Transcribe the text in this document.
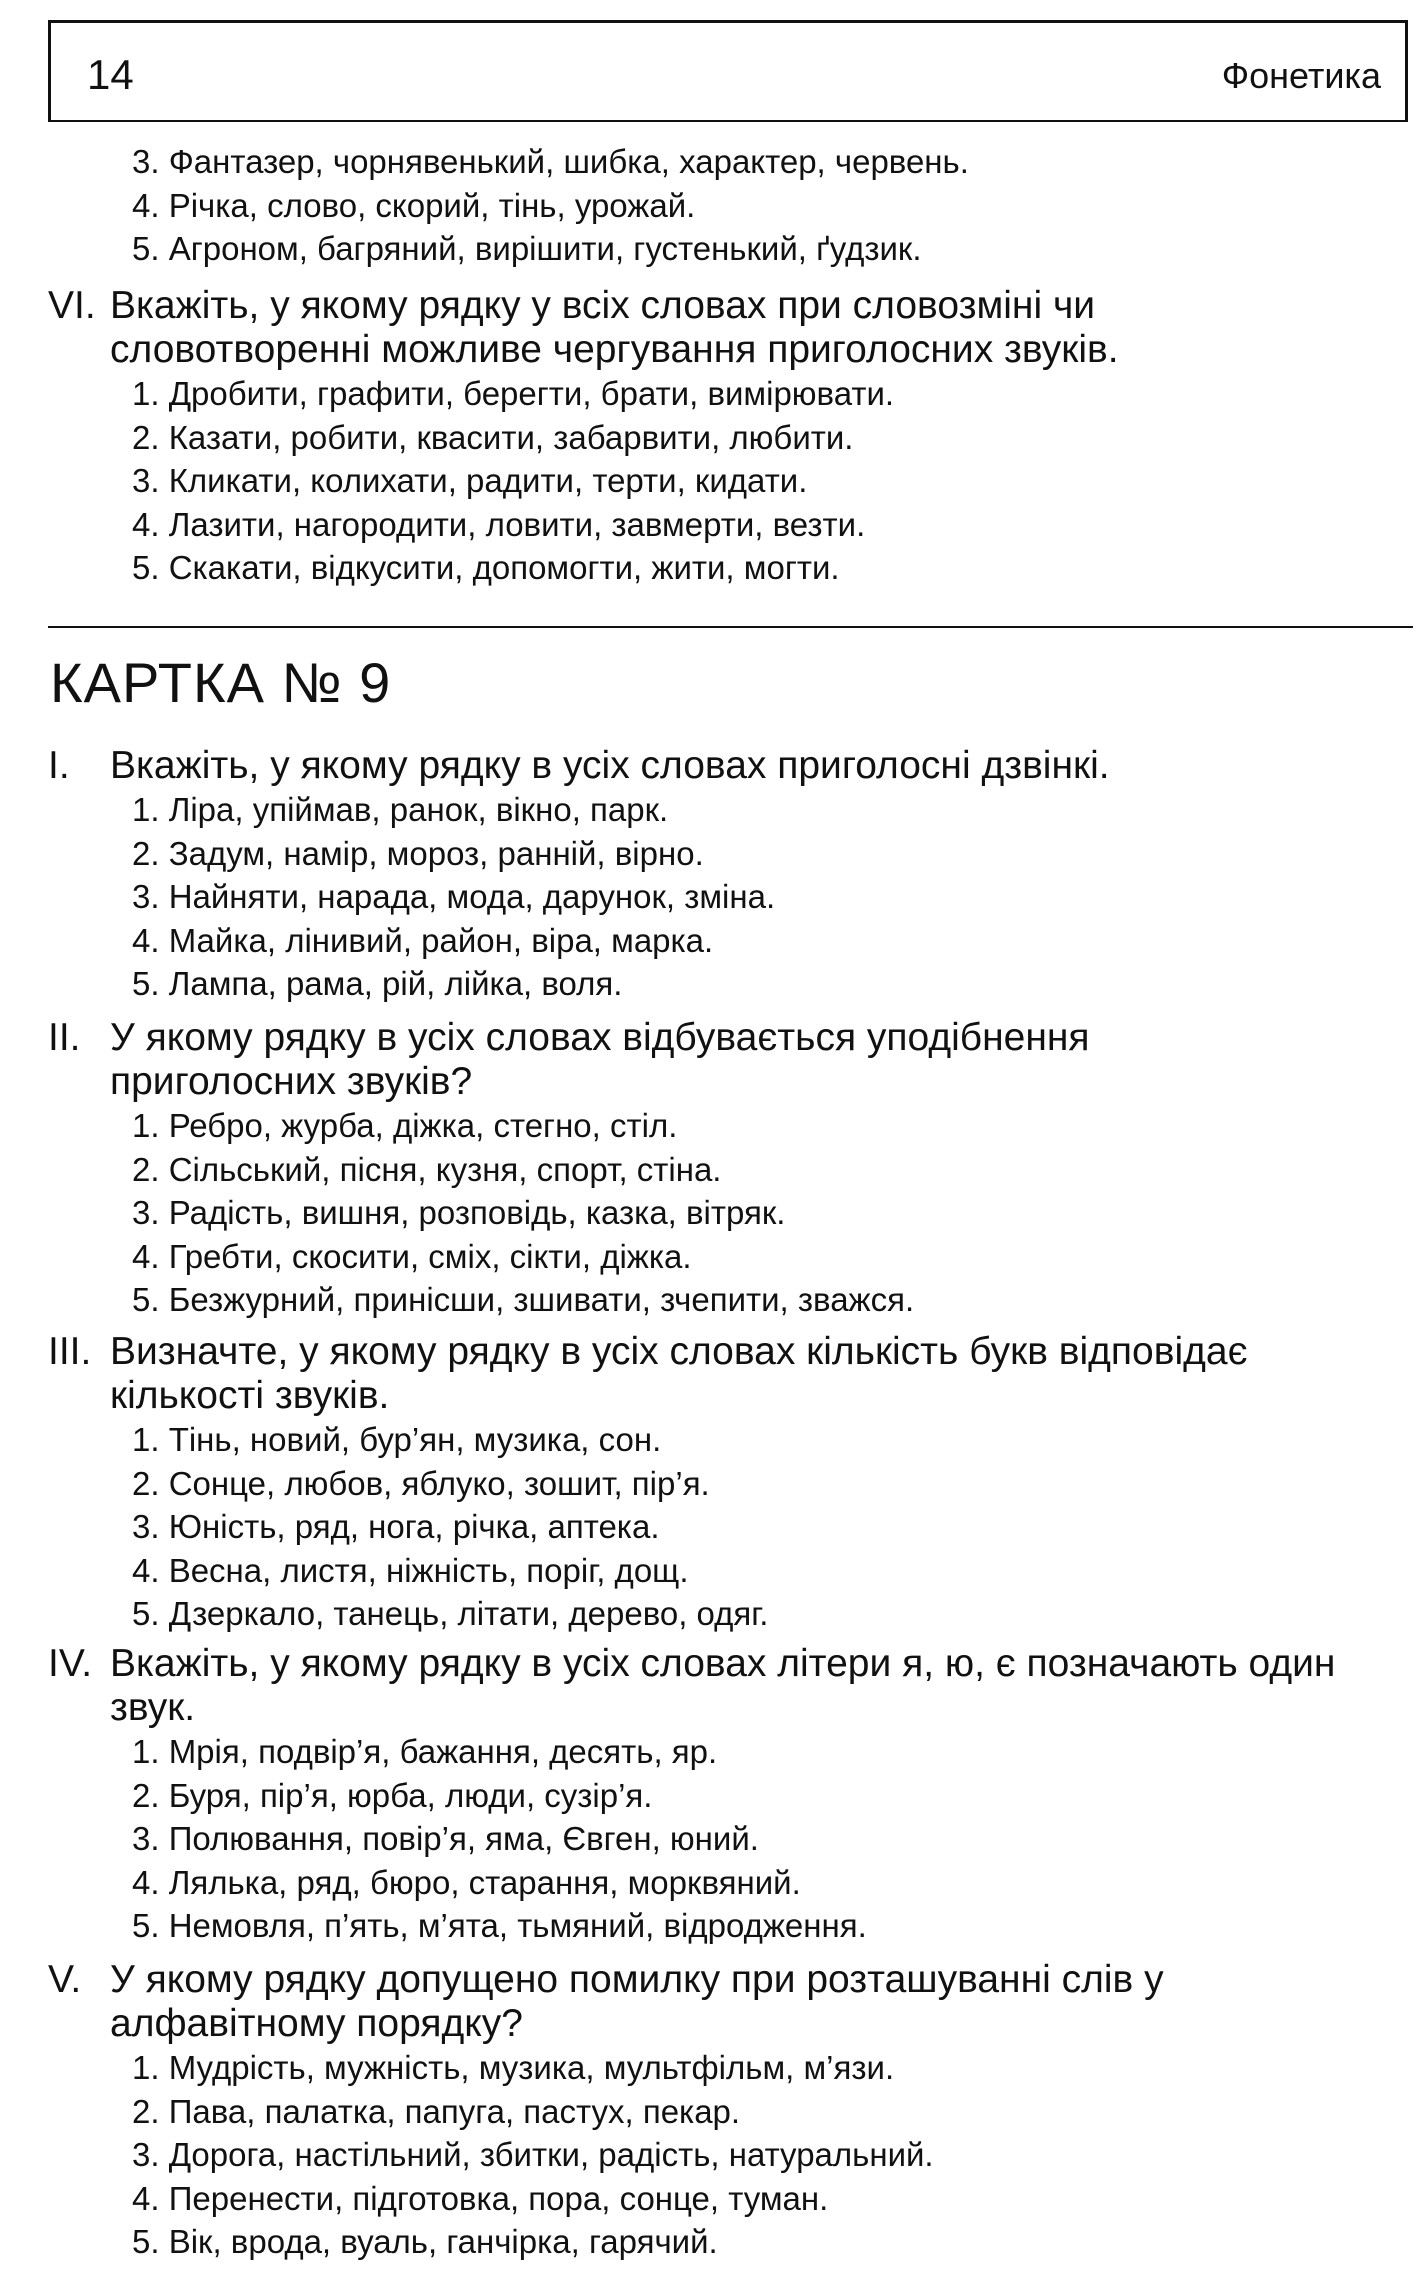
14	Фонетика
3. Фантазер, чорнявенький, шибка, характер, червень.
4. Річка, слово, скорий, тінь, урожай.
5. Агроном, багряний, вирішити, густенький, ґудзик.

VI. Вкажіть, у якому рядку у всіх словах при словозміні чи словотворенні можливе чергування приголосних звуків.

1. Дробити, графити, берегти, брати, вимірювати.
2. Казати, робити, квасити, забарвити, любити.
3. Кликати, колихати, радити, терти, кидати.
4. Лазити, нагородити, ловити, завмерти, везти.
5. Скакати, відкусити, допомогти, жити, могти.
КАРТКА № 9

I.	Вкажіть, у якому рядку в усіх словах приголосні дзвінкі.

1. Ліра, упіймав, ранок, вікно, парк.
2. Задум, намір, мороз, ранній, вірно.
3. Найняти, нарада, мода, дарунок, зміна.
4. Майка, лінивий, район, віра, марка.
5. Лампа, рама, рій, лійка, воля.

II. У якому рядку в усіх словах відбувається уподібнення приголосних звуків?

1. Ребро, журба, діжка, стегно, стіл.
2. Сільський, пісня, кузня, спорт, стіна.
3. Радість, вишня, розповідь, казка, вітряк.
4. Гребти, скосити, сміх, сікти, діжка.
5. Безжурний, принісши, зшивати, зчепити, зважся.

III. Визначте, у якому рядку в усіх словах кількість букв відповідає кількості звуків.

1. Тінь, новий, бур’ян, музика, сон.
2. Сонце, любов, яблуко, зошит, пір’я.
3. Юність, ряд, нога, річка, аптека.
4. Весна, листя, ніжність, поріг, дощ.
5. Дзеркало, танець, літати, дерево, одяг.

IV. Вкажіть, у якому рядку в усіх словах літери я, ю, є позначають один звук.

1. Мрія, подвір’я, бажання, десять, яр.
2. Буря, пір’я, юрба, люди, сузір’я.
3. Полювання, повір’я, яма, Євген, юний.
4. Лялька, ряд, бюро, старання, морквяний.
5. Немовля, п’ять, м’ята, тьмяний, відродження.

V. У якому рядку допущено помилку при розташуванні слів у алфавітному порядку?

1. Мудрість, мужність, музика, мультфільм, м’язи.
2. Пава, палатка, папуга, пастух, пекар.
3. Дорога, настільний, збитки, радість, натуральний.
4. Перенести, підготовка, пора, сонце, туман.
5. Вік, врода, вуаль, ганчірка, гарячий.
